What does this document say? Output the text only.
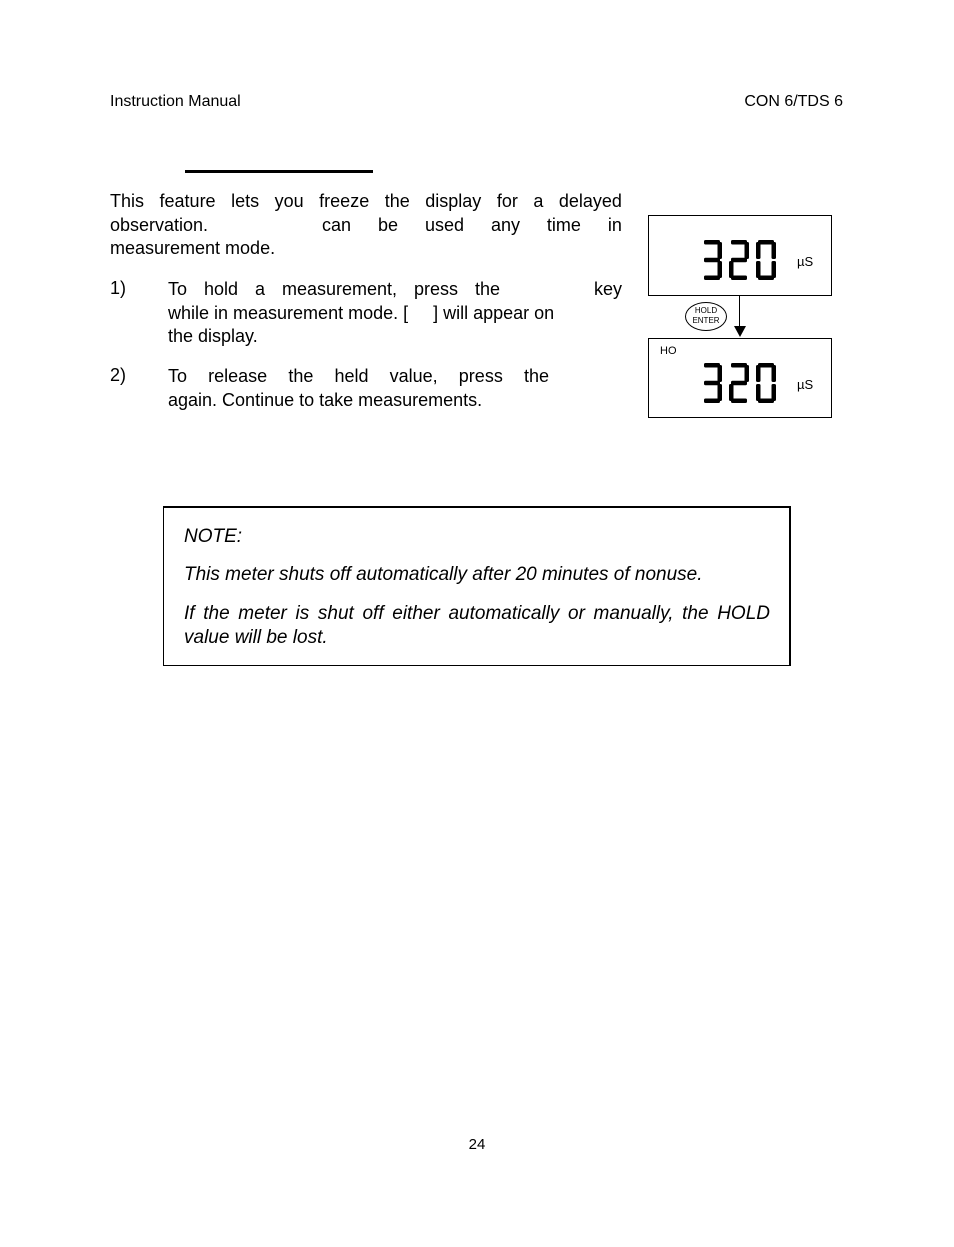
Instruction Manual	CON 6/TDS 6
This feature lets you freeze the display for a delayed
observation.	can be used any time in
measurement mode.
1) To hold a measurement, press the	key
while in measurement mode. [     ] will appear on
the display.
2) To release the held value, press the
again. Continue to take measurements.
µS
HOLD
ENTER
HO
µS
NOTE:
This meter shuts off automatically after 20 minutes of nonuse.
If the meter is shut off either automatically or manually, the HOLD value will be lost.
24
